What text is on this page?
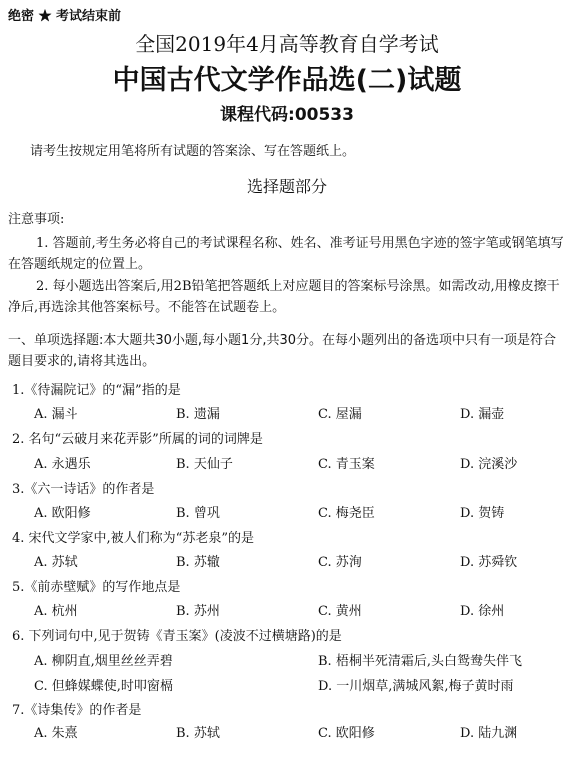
绝密 ★ 考试结束前
全国2019年4月高等教育自学考试
中国古代文学作品选(二)试题
课程代码:00533
请考生按规定用笔将所有试题的答案涂、写在答题纸上。
选择题部分
注意事项:
1. 答题前,考生务必将自己的考试课程名称、姓名、准考证号用黑色字迹的签字笔或钢笔填写在答题纸规定的位置上。
2. 每小题选出答案后,用2B铅笔把答题纸上对应题目的答案标号涂黑。如需改动,用橡皮擦干净后,再选涂其他答案标号。不能答在试题卷上。
一、单项选择题:本大题共30小题,每小题1分,共30分。在每小题列出的备选项中只有一项是符合题目要求的,请将其选出。
1.《待漏院记》的“漏”指的是
A. 漏斗	B. 遗漏	C. 屋漏	D. 漏壶
2. 名句“云破月来花弄影”所属的词的词牌是
A. 永遇乐	B. 天仙子	C. 青玉案	D. 浣溪沙
3.《六一诗话》的作者是
A. 欧阳修	B. 曾巩	C. 梅尧臣	D. 贺铸
4. 宋代文学家中,被人们称为“苏老泉”的是
A. 苏轼	B. 苏辙	C. 苏洵	D. 苏舜钦
5.《前赤壁赋》的写作地点是
A. 杭州	B. 苏州	C. 黄州	D. 徐州
6. 下列词句中,见于贺铸《青玉案》(凌波不过横塘路)的是
A. 柳阴直,烟里丝丝弄碧	B. 梧桐半死清霜后,头白鸳鸯失伴飞
C. 但蜂媒蝶使,时叩窗槅	D. 一川烟草,满城风絮,梅子黄时雨
7.《诗集传》的作者是
A. 朱熹	B. 苏轼	C. 欧阳修	D. 陆九渊
